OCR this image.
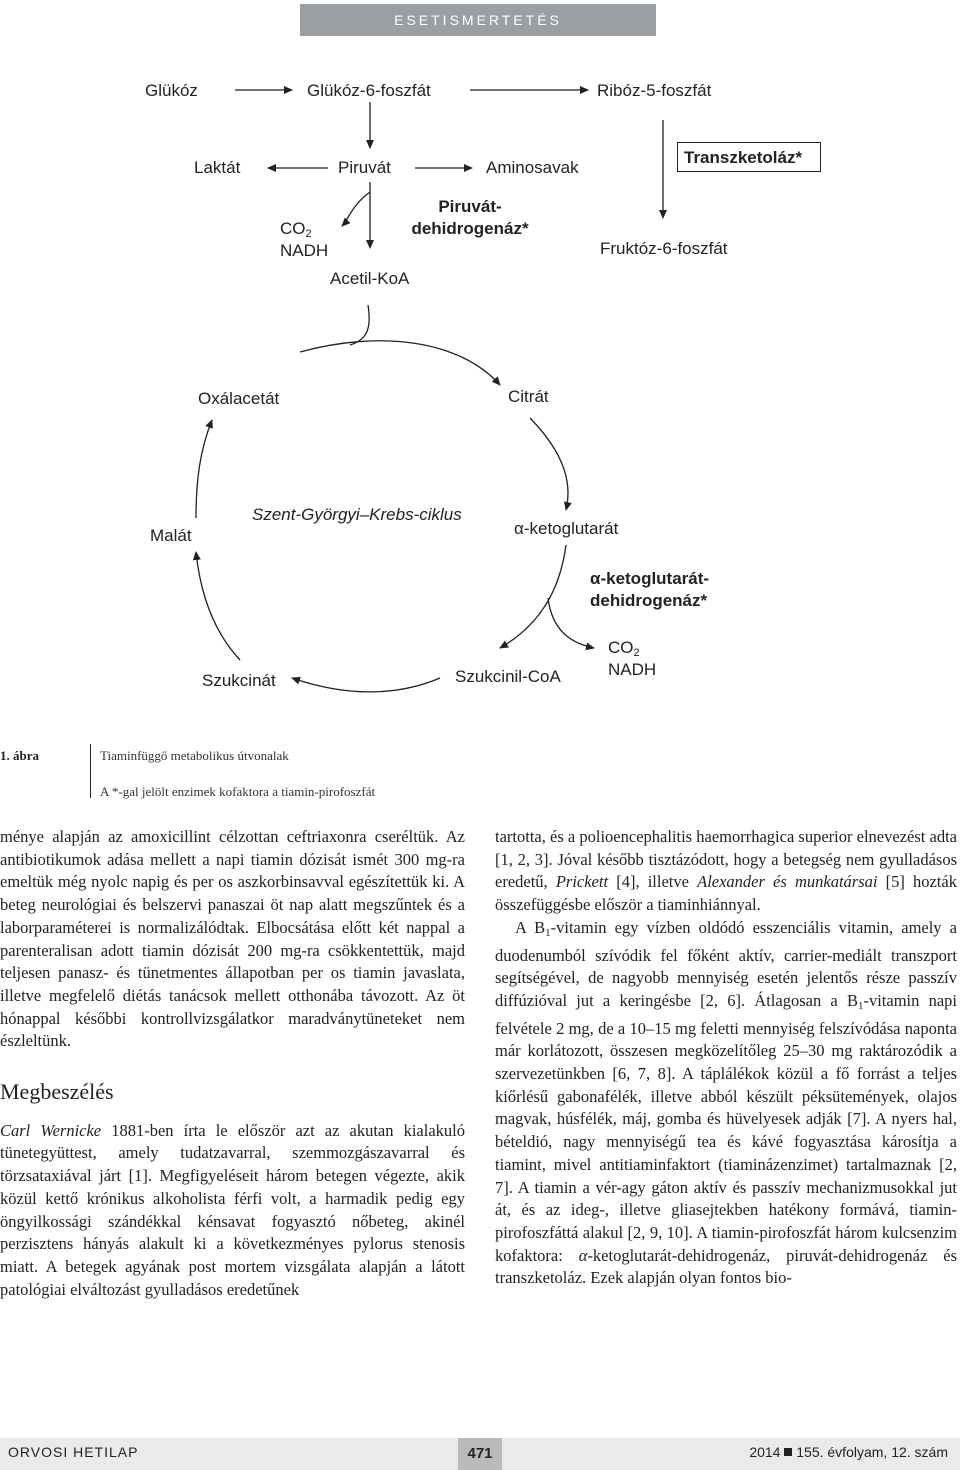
ESETISMERTETÉS
Glükóz	Glükóz-6-foszfát	Ribóz-5-foszfát
Laktát	Piruvát	Aminosavak
Transzketoláz*
$CO_2$
NADH
Piruvát-
dehidrogenáz*
Fruktóz-6-foszfát
Acetil-KoA
Oxálacetát	Citrát
Malát
Szent-Györgyi–Krebs-ciklus
α-ketoglutarát
α-ketoglutarát-
dehidrogenáz*
$CO_2$
NADH
Szukcinát	Szukcinil-CoA
1. ábra	Tiaminfüggő metabolikus útvonalak
A *-gal jelölt enzimek kofaktora a tiamin-pirofoszfát

ménye alapján az amoxicillint célzottan ceftriaxonra cseréltük. Az antibiotikumok adása mellett a napi tiamin dózisát ismét 300 mg-ra emeltük még nyolc napig és per os aszkorbinsavval egészítettük ki. A beteg neurológiai és belszervi panaszai öt nap alatt megszűntek és a laborparaméterei is normalizálódtak. Elbocsátása előtt két nappal a parenteralisan adott tiamin dózisát 200 mg-ra csökkentettük, majd teljesen panasz- és tünetmentes állapotban per os tiamin javaslata, illetve megfelelő diétás tanácsok mellett otthonába távozott. Az öt hónappal későbbi kontrollvizsgálatkor maradványtüneteket nem észleltünk.

Megbeszélés

Carl Wernicke 1881-ben írta le először azt az akutan kialakuló tünetegyüttest, amely tudatzavarral, szemmozgászavarral és törzsataxiával járt [1]. Megfigyeléseit három betegen végezte, akik közül kettő krónikus alkoholista férfi volt, a harmadik pedig egy öngyilkossági szándékkal kénsavat fogyasztó nőbeteg, akinél perzisztens hányás alakult ki a következményes pylorus stenosis miatt. A betegek agyának post mortem vizsgálata alapján a látott patológiai elváltozást gyulladásos eredetűnek

tartotta, és a polioencephalitis haemorrhagica superior elnevezést adta [1, 2, 3]. Jóval később tisztázódott, hogy a betegség nem gyulladásos eredetű, Prickett [4], illetve Alexander és munkatársai [5] hozták összefüggésbe először a tiaminhiánnyal.

A $B_1$-vitamin egy vízben oldódó esszenciális vitamin, amely a duodenumból szívódik fel főként aktív, carrier-mediált transzport segítségével, de nagyobb mennyiség esetén jelentős része passzív diffúzióval jut a keringésbe [2, 6]. Átlagosan a $B_1$-vitamin napi felvétele 2 mg, de a 10–15 mg feletti mennyiség felszívódása naponta már korlátozott, összesen megközelítőleg 25–30 mg raktározódik a szervezetünkben [6, 7, 8]. A táplálékok közül a fő forrást a teljes kiőrlésű gabonafélék, illetve abból készült péksütemények, olajos magvak, húsfélék, máj, gomba és hüvelyesek adják [7]. A nyers hal, bételdió, nagy mennyiségű tea és kávé fogyasztása károsítja a tiamint, mivel antitiaminfaktort (tiaminázenzimet) tartalmaznak [2, 7]. A tiamin a vér-agy gáton aktív és passzív mechanizmusokkal jut át, és az ideg-, illetve gliasejtekben hatékony formává, tiamin-pirofoszfáttá alakul [2, 9, 10]. A tiamin-pirofoszfát három kulcsenzim kofaktora: α-ketoglutarát-dehidrogenáz, piruvát-dehidrogenáz és transzketoláz. Ezek alapján olyan fontos bio-

ORVOSI HETILAP	471	2014 155. évfolyam, 12. szám
